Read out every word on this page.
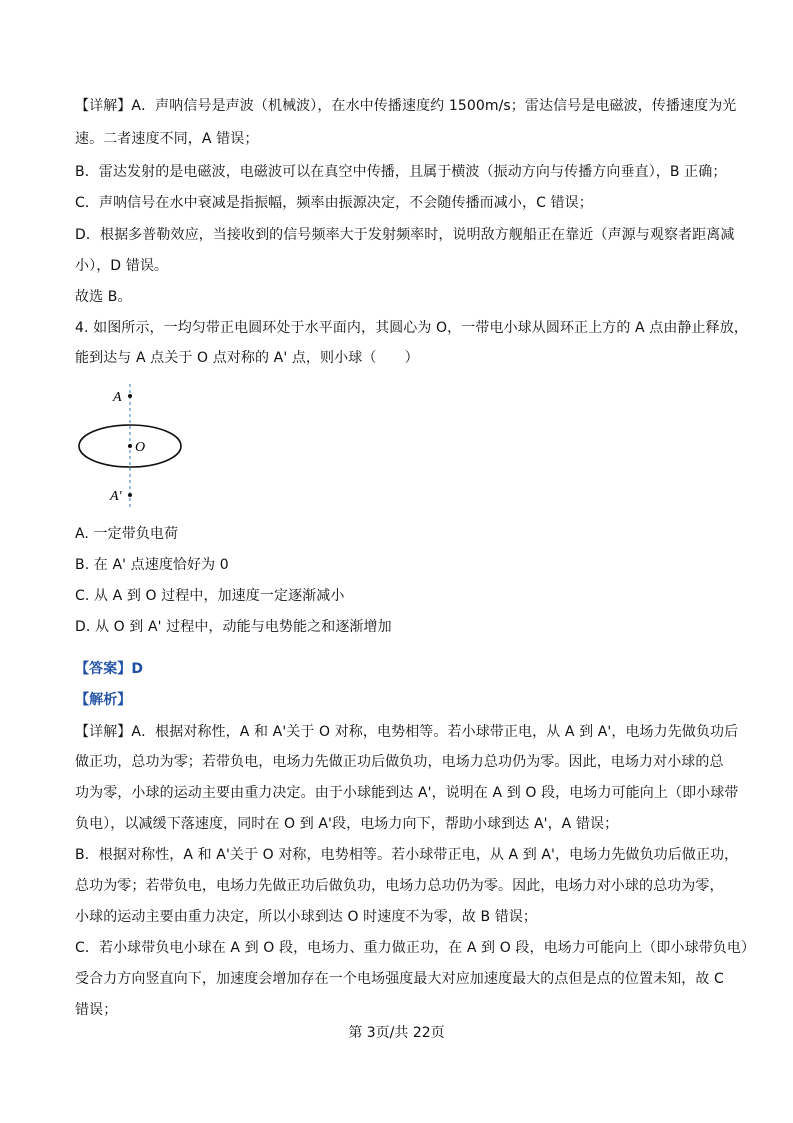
【详解】A．声呐信号是声波（机械波），在水中传播速度约 1500m/s；雷达信号是电磁波，传播速度为光
速。二者速度不同，A 错误；
B．雷达发射的是电磁波，电磁波可以在真空中传播，且属于横波（振动方向与传播方向垂直），B 正确；
C．声呐信号在水中衰减是指振幅，频率由振源决定，不会随传播而减小，C 错误；
D．根据多普勒效应，当接收到的信号频率大于发射频率时，说明敌方舰船正在靠近（声源与观察者距离减
小），D 错误。
故选 B。
4. 如图所示，一均匀带正电圆环处于水平面内，其圆心为 O，一带电小球从圆环正上方的 A 点由静止释放，
能到达与 A 点关于 O 点对称的 A' 点，则小球（　　）
A
O
A'
A. 一定带负电荷
B. 在 A' 点速度恰好为 0
C. 从 A 到 O 过程中，加速度一定逐渐减小
D. 从 O 到 A' 过程中，动能与电势能之和逐渐增加
【答案】D
【解析】
【详解】A．根据对称性，A 和 A'关于 O 对称，电势相等。若小球带正电，从 A 到 A'，电场力先做负功后
做正功，总功为零；若带负电，电场力先做正功后做负功，电场力总功仍为零。因此，电场力对小球的总
功为零，小球的运动主要由重力决定。由于小球能到达 A'，说明在 A 到 O 段，电场力可能向上（即小球带
负电），以减缓下落速度，同时在 O 到 A'段，电场力向下，帮助小球到达 A'，A 错误；
B．根据对称性，A 和 A'关于 O 对称，电势相等。若小球带正电，从 A 到 A'，电场力先做负功后做正功，
总功为零；若带负电，电场力先做正功后做负功，电场力总功仍为零。因此，电场力对小球的总功为零，
小球的运动主要由重力决定，所以小球到达 O 时速度不为零，故 B 错误；
C．若小球带负电小球在 A 到 O 段，电场力、重力做正功，在 A 到 O 段，电场力可能向上（即小球带负电）
受合力方向竖直向下，加速度会增加存在一个电场强度最大对应加速度最大的点但是点的位置未知，故 C
错误；
第 3页/共 22页
